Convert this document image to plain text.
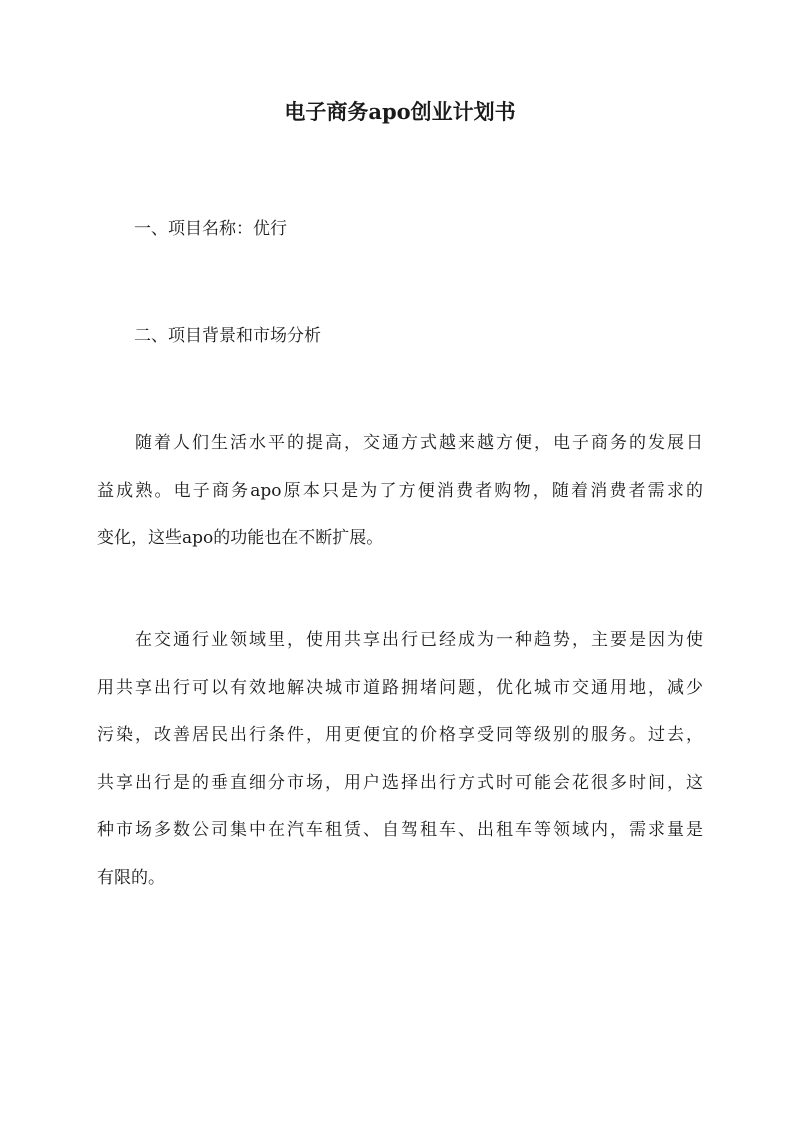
电子商务apo创业计划书

一、项目名称：优行

二、项目背景和市场分析

　　随着人们生活水平的提高，交通方式越来越方便，电子商务的发展日
益成熟。电子商务apo原本只是为了方便消费者购物，随着消费者需求的
变化，这些apo的功能也在不断扩展。

　　在交通行业领域里，使用共享出行已经成为一种趋势，主要是因为使
用共享出行可以有效地解决城市道路拥堵问题，优化城市交通用地，减少
污染，改善居民出行条件，用更便宜的价格享受同等级别的服务。过去，
共享出行是的垂直细分市场，用户选择出行方式时可能会花很多时间，这
种市场多数公司集中在汽车租赁、自驾租车、出租车等领域内，需求量是
有限的。
